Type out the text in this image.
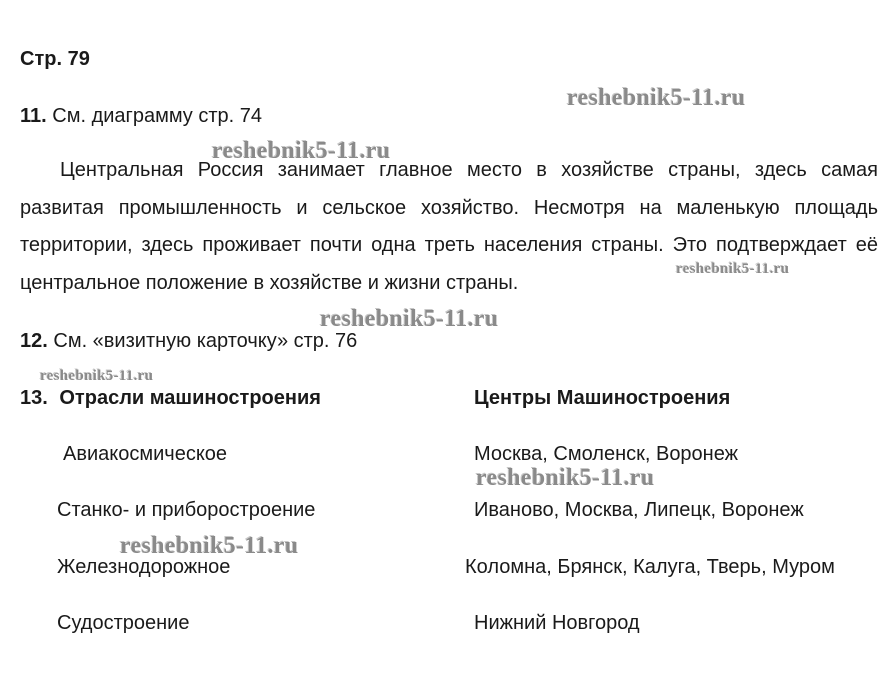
Стр. 79
11. См. диаграмму стр. 74
Центральная Россия занимает главное место в хозяйстве страны, здесь самая развитая промышленность и сельское хозяйство. Несмотря на маленькую площадь территории, здесь проживает почти одна треть населения страны. Это подтверждает её центральное положение в хозяйстве и жизни страны.
12. См. «визитную карточку» стр. 76
13. Отрасли машиностроения	Центры Машиностроения
Авиакосмическое	Москва, Смоленск, Воронеж
Станко- и приборостроение	Иваново, Москва, Липецк, Воронеж
Железнодорожное	Коломна, Брянск, Калуга, Тверь, Муром
Судостроение	Нижний Новгород
reshebnik5-11.ru
reshebnik5-11.ru
reshebnik5-11.ru
reshebnik5-11.ru
reshebnik5-11.ru
reshebnik5-11.ru
reshebnik5-11.ru
